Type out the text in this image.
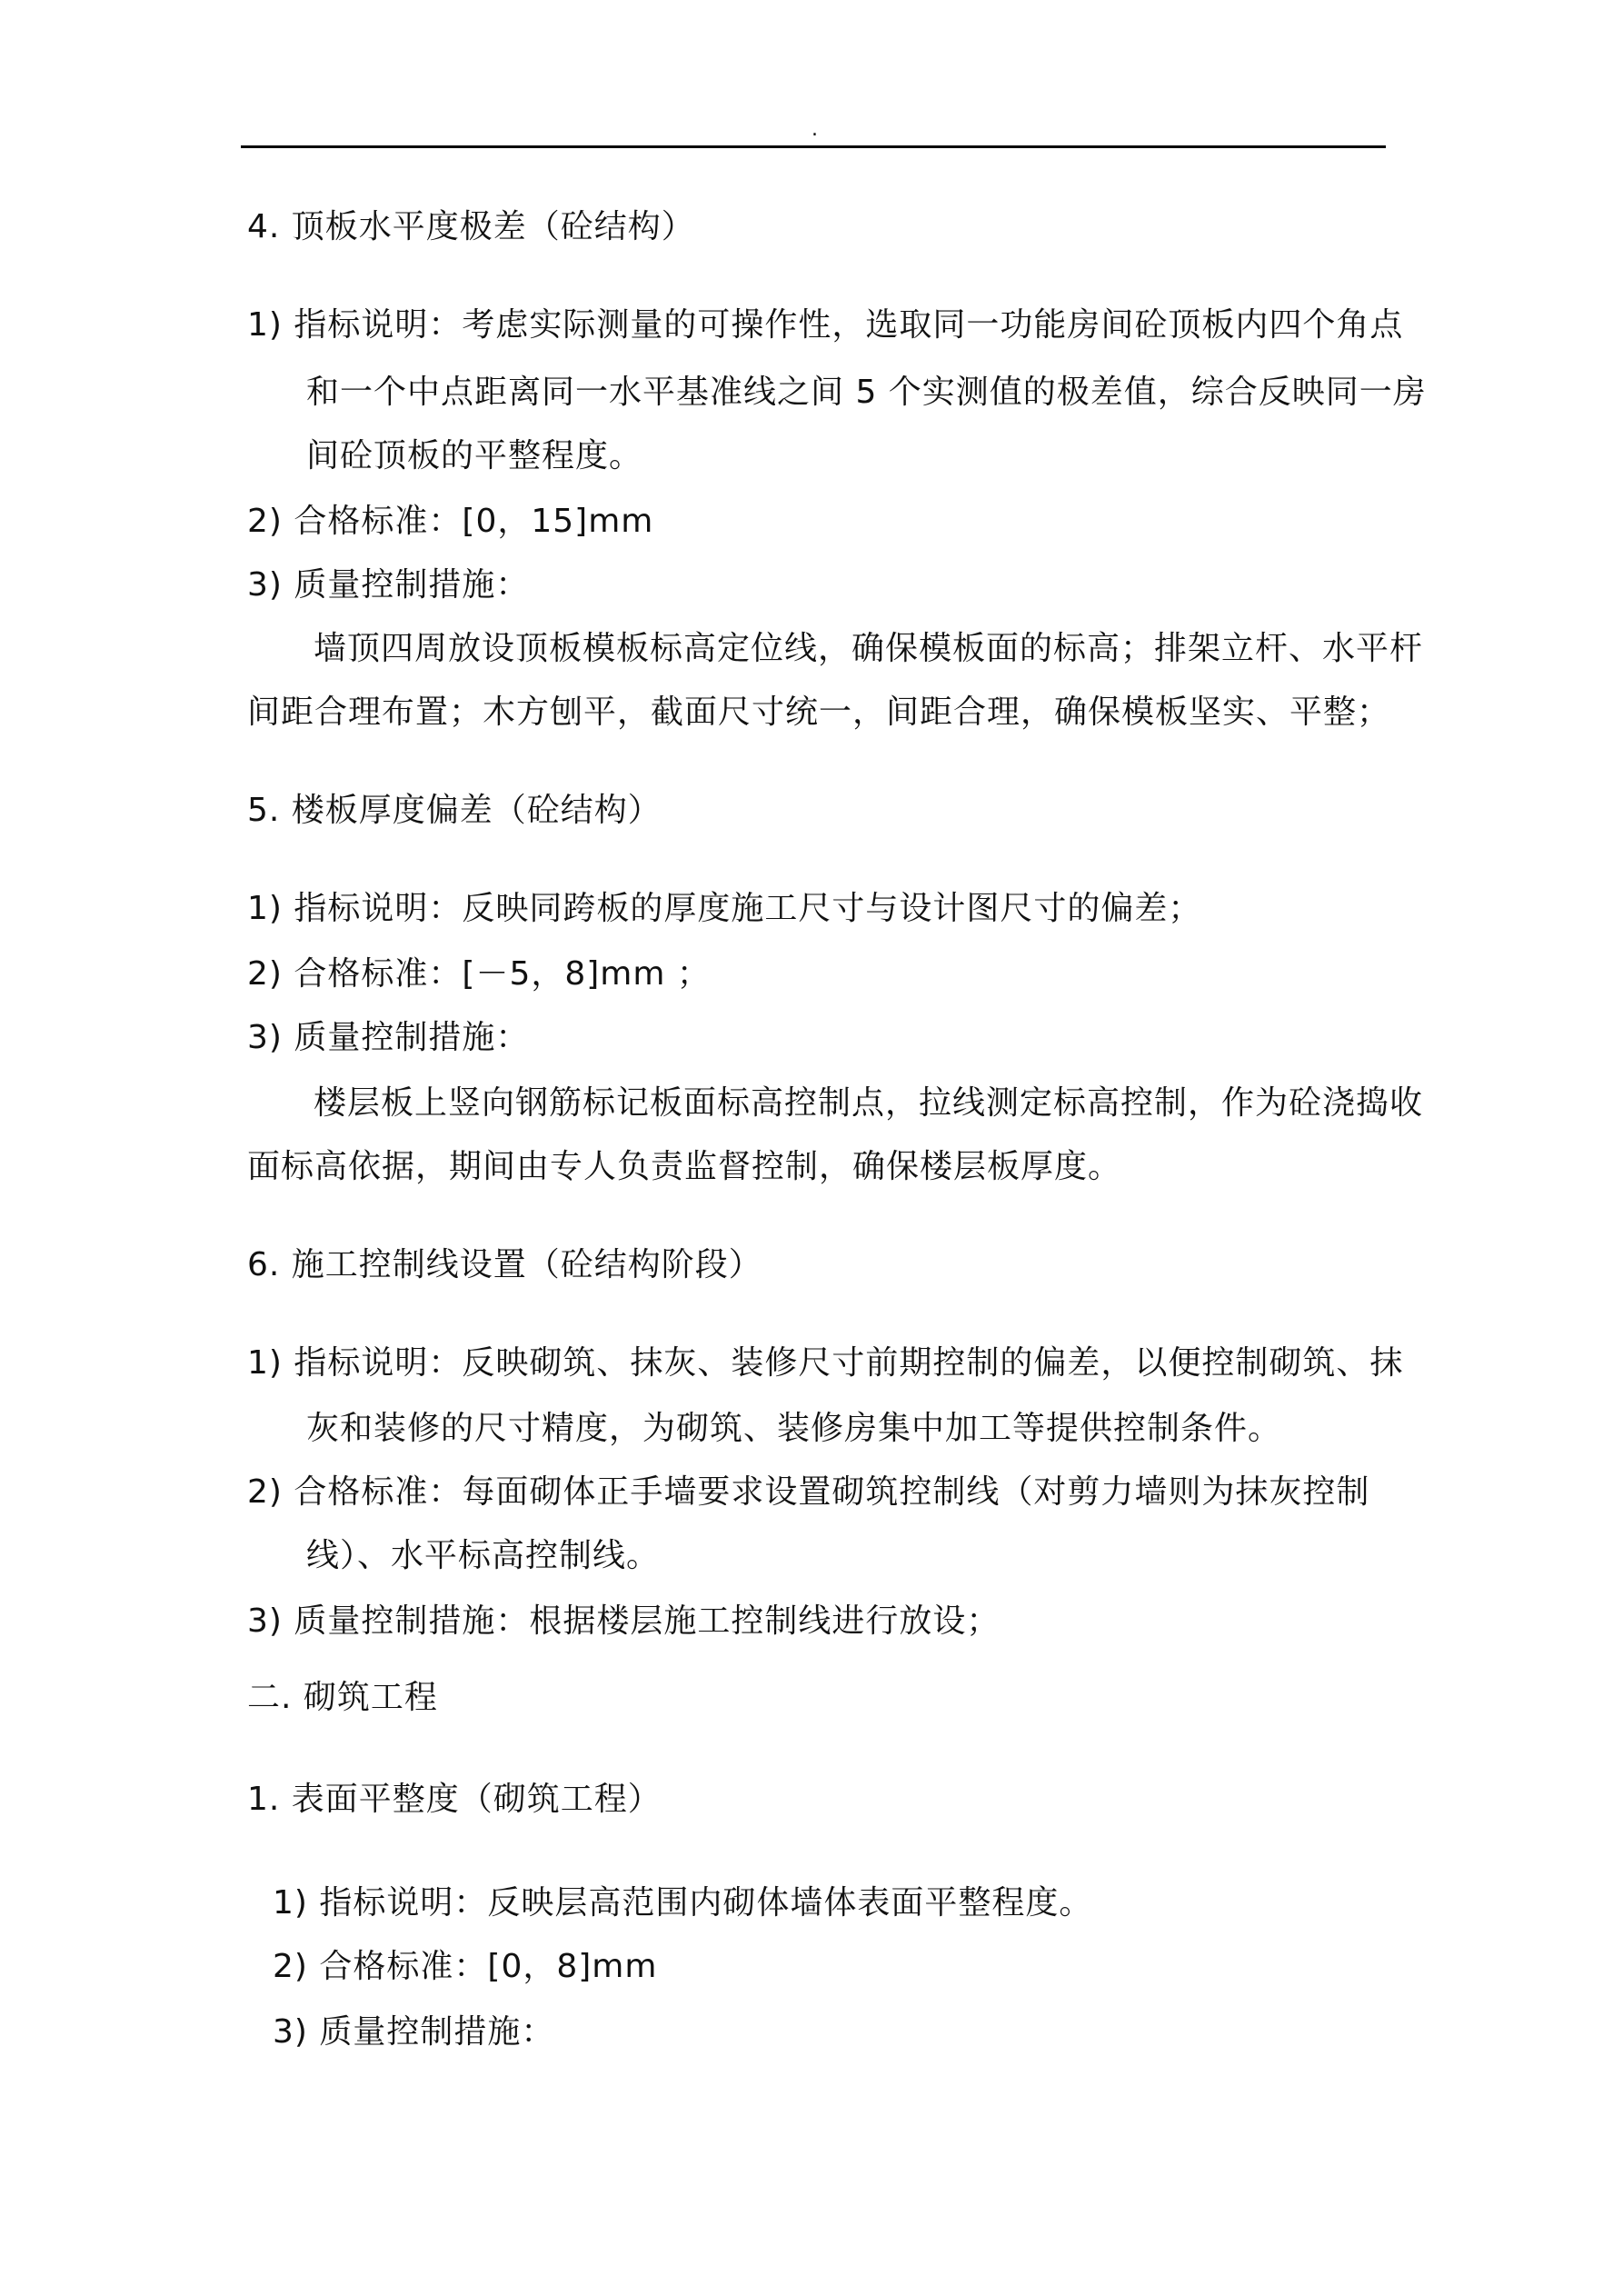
.
4. 顶板水平度极差（砼结构）
1) 指标说明：考虑实际测量的可操作性，选取同一功能房间砼顶板内四个角点
和一个中点距离同一水平基准线之间 5 个实测值的极差值，综合反映同一房
间砼顶板的平整程度。
2) 合格标准：[0，15]mm
3) 质量控制措施：
墙顶四周放设顶板模板标高定位线，确保模板面的标高；排架立杆、水平杆
间距合理布置；木方刨平，截面尺寸统一，间距合理，确保模板坚实、平整；
5. 楼板厚度偏差（砼结构）
1) 指标说明：反映同跨板的厚度施工尺寸与设计图尺寸的偏差；
2) 合格标准：[－5，8]mm ；
3) 质量控制措施：
楼层板上竖向钢筋标记板面标高控制点，拉线测定标高控制，作为砼浇捣收
面标高依据，期间由专人负责监督控制，确保楼层板厚度。
6. 施工控制线设置（砼结构阶段）
1) 指标说明：反映砌筑、抹灰、装修尺寸前期控制的偏差，以便控制砌筑、抹
灰和装修的尺寸精度，为砌筑、装修房集中加工等提供控制条件。
2) 合格标准：每面砌体正手墙要求设置砌筑控制线（对剪力墙则为抹灰控制
线）、水平标高控制线。
3) 质量控制措施：根据楼层施工控制线进行放设；
二. 砌筑工程
1. 表面平整度（砌筑工程）
1) 指标说明：反映层高范围内砌体墙体表面平整程度。
2) 合格标准：[0，8]mm
3) 质量控制措施：
